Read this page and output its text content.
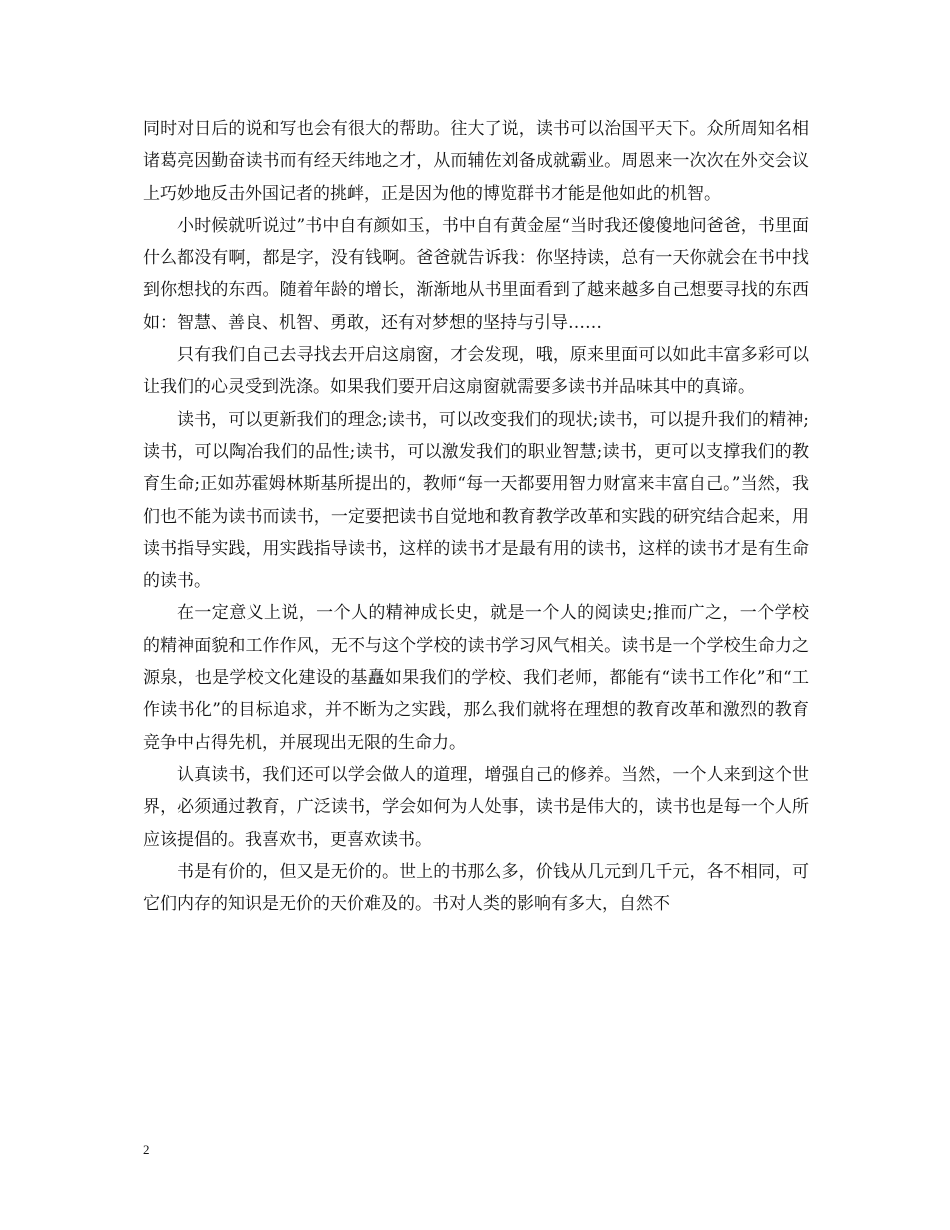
同时对日后的说和写也会有很大的帮助。往大了说，读书可以治国平天下。众所周知名相诸葛亮因勤奋读书而有经天纬地之才，从而辅佐刘备成就霸业。周恩来一次次在外交会议上巧妙地反击外国记者的挑衅，正是因为他的博览群书才能是他如此的机智。

小时候就听说过”书中自有颜如玉，书中自有黄金屋“当时我还傻傻地问爸爸，书里面什么都没有啊，都是字，没有钱啊。爸爸就告诉我：你坚持读，总有一天你就会在书中找到你想找的东西。随着年龄的增长，渐渐地从书里面看到了越来越多自己想要寻找的东西如：智慧、善良、机智、勇敢，还有对梦想的坚持与引导……

只有我们自己去寻找去开启这扇窗，才会发现，哦，原来里面可以如此丰富多彩可以让我们的心灵受到洗涤。如果我们要开启这扇窗就需要多读书并品味其中的真谛。

读书，可以更新我们的理念;读书，可以改变我们的现状;读书，可以提升我们的精神;读书，可以陶冶我们的品性;读书，可以激发我们的职业智慧;读书，更可以支撑我们的教育生命;正如苏霍姆林斯基所提出的，教师“每一天都要用智力财富来丰富自己。”当然，我们也不能为读书而读书，一定要把读书自觉地和教育教学改革和实践的研究结合起来，用读书指导实践，用实践指导读书，这样的读书才是最有用的读书，这样的读书才是有生命的读书。

在一定意义上说，一个人的精神成长史，就是一个人的阅读史;推而广之，一个学校的精神面貌和工作作风，无不与这个学校的读书学习风气相关。读书是一个学校生命力之源泉，也是学校文化建设的基矗如果我们的学校、我们老师，都能有“读书工作化”和“工作读书化”的目标追求，并不断为之实践，那么我们就将在理想的教育改革和激烈的教育竞争中占得先机，并展现出无限的生命力。

认真读书，我们还可以学会做人的道理，增强自己的修养。当然，一个人来到这个世界，必须通过教育，广泛读书，学会如何为人处事，读书是伟大的，读书也是每一个人所应该提倡的。我喜欢书，更喜欢读书。

书是有价的，但又是无价的。世上的书那么多，价钱从几元到几千元，各不相同，可它们内存的知识是无价的天价难及的。书对人类的影响有多大，自然不

2
